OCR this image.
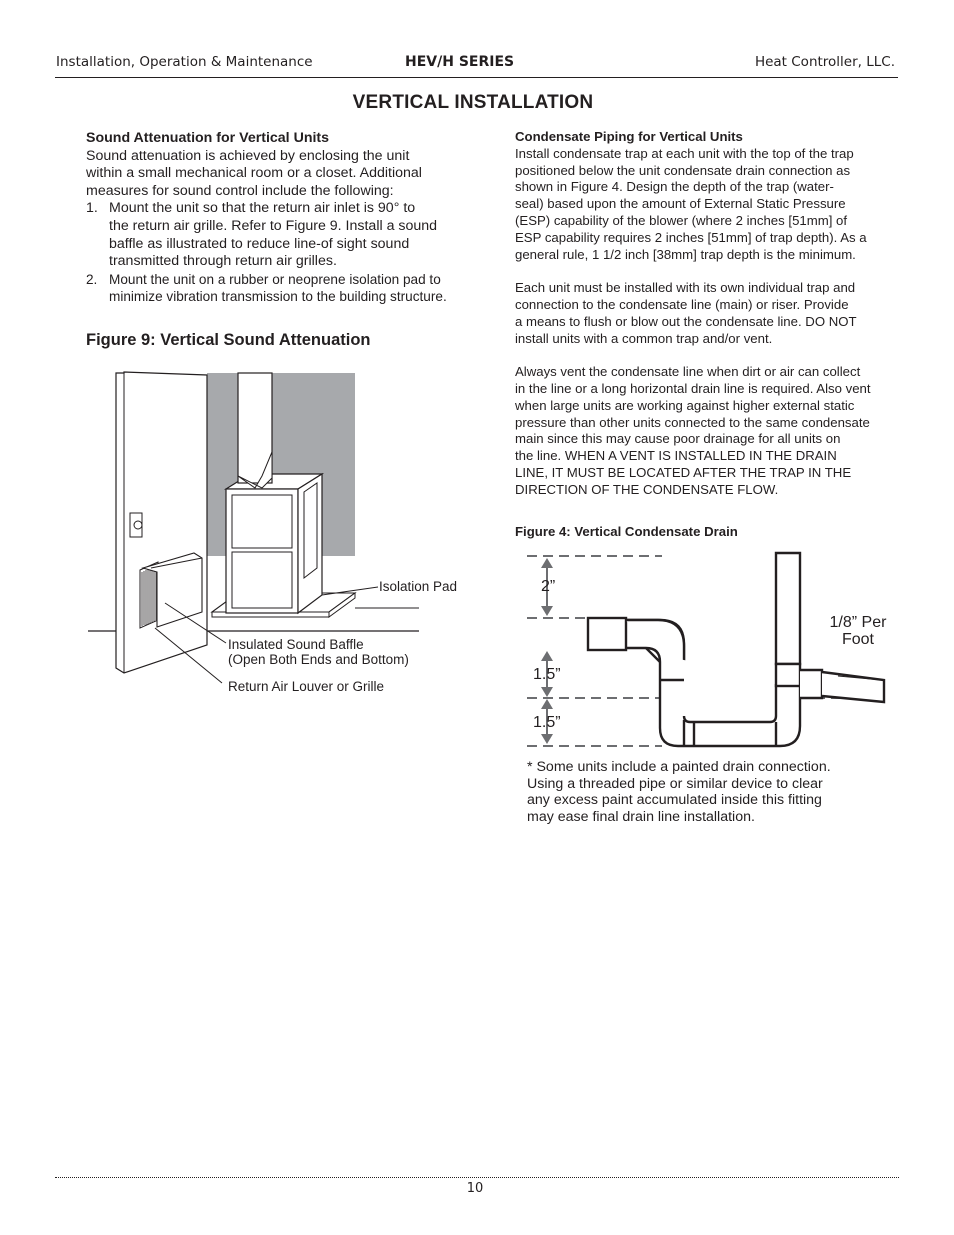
Installation, Operation & Maintenance	HEV/H SERIES	Heat Controller, LLC.
VERTICAL INSTALLATION
Sound Attenuation for Vertical Units
Sound attenuation is achieved by enclosing the unit
within a small mechanical room or a closet. Additional
measures for sound control include the following:
1. Mount the unit so that the return air inlet is 90° to
the return air grille. Refer to Figure 9. Install a sound
baffle as illustrated to reduce line-of sight sound
transmitted through return air grilles.
2. Mount the unit on a rubber or neoprene isolation pad to
minimize vibration transmission to the building structure.
Figure 9: Vertical Sound Attenuation
Isolation Pad
Insulated Sound Baffle
(Open Both Ends and Bottom)
Return Air Louver or Grille
Condensate Piping for Vertical Units
Install condensate trap at each unit with the top of the trap
positioned below the unit condensate drain connection as
shown in Figure 4. Design the depth of the trap (water-
seal) based upon the amount of External Static Pressure
(ESP) capability of the blower (where 2 inches [51mm] of
ESP capability requires 2 inches [51mm] of trap depth). As a
general rule, 1 1/2 inch [38mm] trap depth is the minimum.
Each unit must be installed with its own individual trap and
connection to the condensate line (main) or riser. Provide
a means to flush or blow out the condensate line. DO NOT
install units with a common trap and/or vent.
Always vent the condensate line when dirt or air can collect
in the line or a long horizontal drain line is required. Also vent
when large units are working against higher external static
pressure than other units connected to the same condensate
main since this may cause poor drainage for all units on
the line. WHEN A VENT IS INSTALLED IN THE DRAIN
LINE, IT MUST BE LOCATED AFTER THE TRAP IN THE
DIRECTION OF THE CONDENSATE FLOW.
Figure 4: Vertical Condensate Drain
2”
1.5”
1.5”
1/8” Per
Foot
* Some units include a painted drain connection.
Using a threaded pipe or similar device to clear
any excess paint accumulated inside this fitting
may ease final drain line installation.
10
